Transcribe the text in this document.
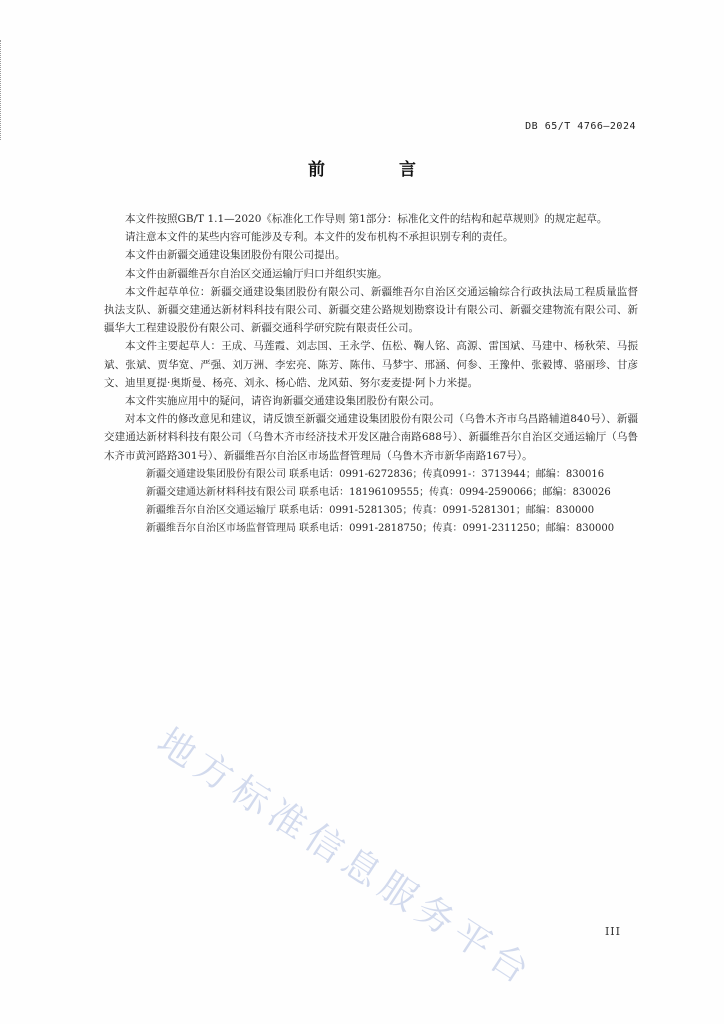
DB 65/T 4766—2024
前 言

本文件按照GB/T 1.1—2020《标准化工作导则 第1部分：标准化文件的结构和起草规则》的规定起草。

请注意本文件的某些内容可能涉及专利。本文件的发布机构不承担识别专利的责任。

本文件由新疆交通建设集团股份有限公司提出。

本文件由新疆维吾尔自治区交通运输厅归口并组织实施。

本文件起草单位：新疆交通建设集团股份有限公司、新疆维吾尔自治区交通运输综合行政执法局工程质量监督执法支队、新疆交建通达新材料科技有限公司、新疆交建公路规划勘察设计有限公司、新疆交建物流有限公司、新疆华大工程建设股份有限公司、新疆交通科学研究院有限责任公司。

本文件主要起草人：王成、马莲霞、刘志国、王永学、伍松、鞠人铭、高源、雷国斌、马建中、杨秋荣、马振斌、张斌、贾华宽、严强、刘万洲、李宏亮、陈芳、陈伟、马梦宇、邢涵、何参、王豫仲、张毅博、骆丽珍、甘彦文、迪里夏提·奥斯曼、杨亮、刘永、杨心皓、龙风茹、努尔麦麦提·阿卜力米提。

本文件实施应用中的疑问，请咨询新疆交通建设集团股份有限公司。

对本文件的修改意见和建议，请反馈至新疆交通建设集团股份有限公司（乌鲁木齐市乌昌路辅道840号）、新疆交建通达新材料科技有限公司（乌鲁木齐市经济技术开发区融合南路688号）、新疆维吾尔自治区交通运输厅（乌鲁木齐市黄河路路301号）、新疆维吾尔自治区市场监督管理局（乌鲁木齐市新华南路167号）。

新疆交通建设集团股份有限公司 联系电话：0991-6272836；传真0991-：3713944；邮编：830016

新疆交建通达新材料科技有限公司 联系电话：18196109555；传真：0994-2590066；邮编：830026

新疆维吾尔自治区交通运输厅 联系电话：0991-5281305；传真：0991-5281301；邮编：830000

新疆维吾尔自治区市场监督管理局 联系电话：0991-2818750；传真：0991-2311250；邮编：830000

地方标准信息服务平台	III
